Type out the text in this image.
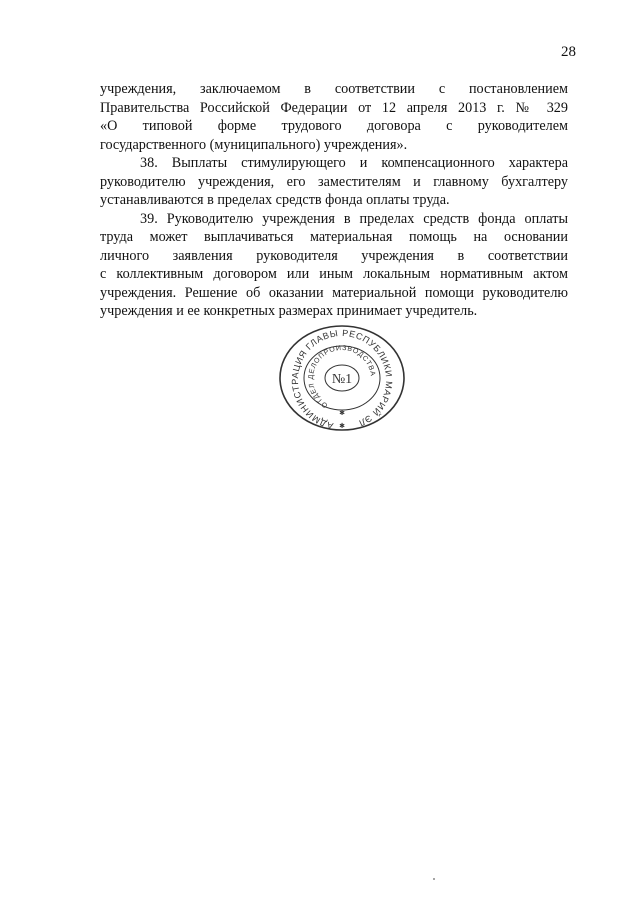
28

учреждения, заключаемом в соответствии с постановлением
Правительства Российской Федерации от 12 апреля 2013 г. № 329
«О типовой форме трудового договора с руководителем
государственного (муниципального) учреждения».

38. Выплаты стимулирующего и компенсационного характера
руководителю учреждения, его заместителям и главному бухгалтеру
устанавливаются в пределах средств фонда оплаты труда.

39. Руководителю учреждения в пределах средств фонда оплаты
труда может выплачиваться материальная помощь на основании
личного заявления руководителя учреждения в соответствии
с коллективным договором или иным локальным нормативным актом
учреждения. Решение об оказании материальной помощи руководителю
учреждения и ее конкретных размерах принимает учредитель.

АДМИНИСТРАЦИЯ ГЛАВЫ РЕСПУБЛИКИ МАРИЙ ЭЛ
ОТДЕЛ ДЕЛОПРОИЗВОДСТВА
№1
✱
✱
